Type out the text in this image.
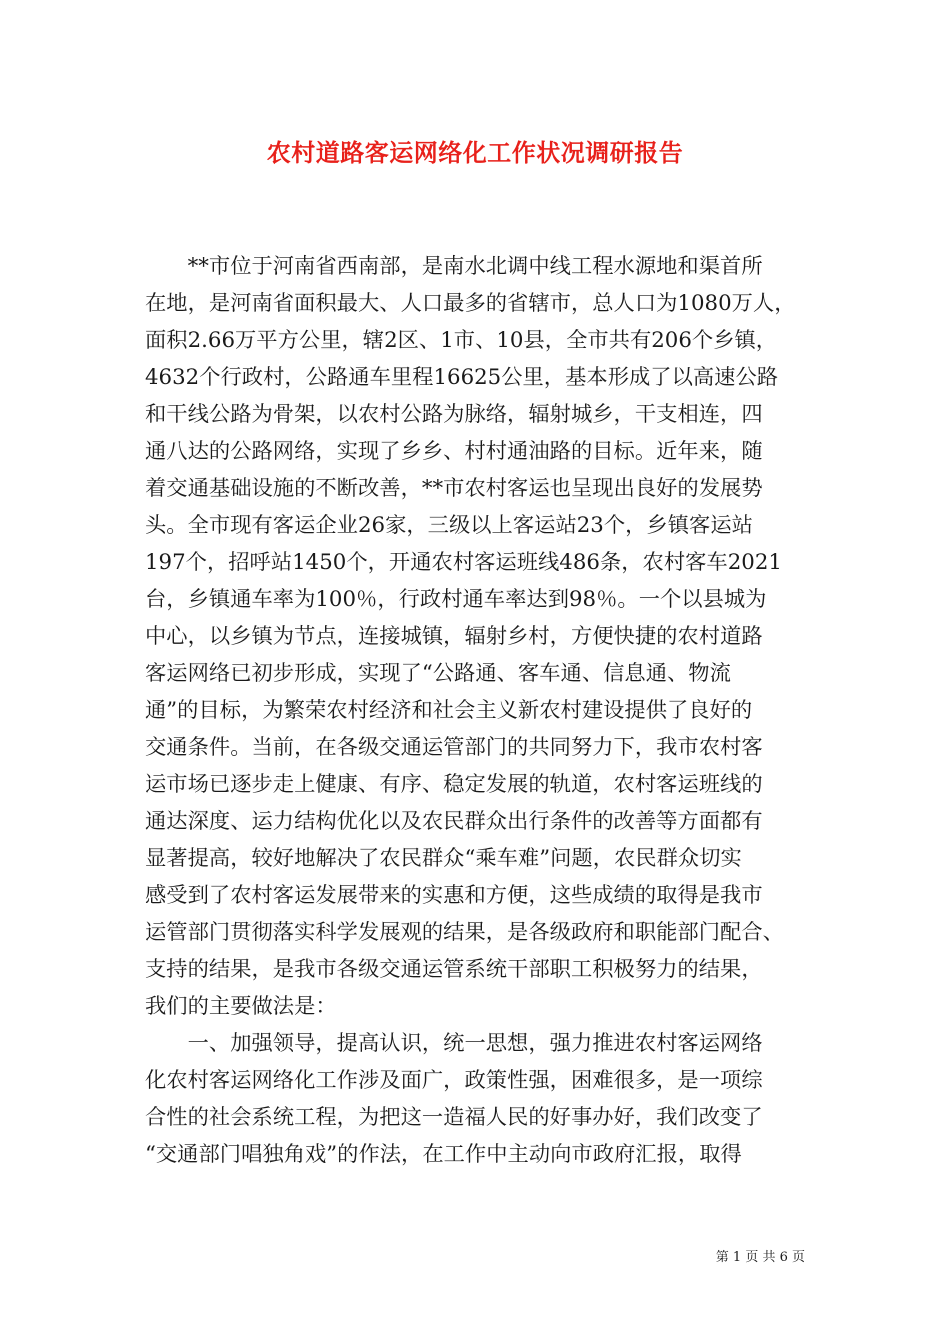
农村道路客运网络化工作状况调研报告
　　**市位于河南省西南部，是南水北调中线工程水源地和渠首所
在地，是河南省面积最大、人口最多的省辖市，总人口为1080万人，
面积2.66万平方公里，辖2区、1市、10县，全市共有206个乡镇，
4632个行政村，公路通车里程16625公里，基本形成了以高速公路
和干线公路为骨架，以农村公路为脉络，辐射城乡，干支相连，四
通八达的公路网络，实现了乡乡、村村通油路的目标。近年来，随
着交通基础设施的不断改善，**市农村客运也呈现出良好的发展势
头。全市现有客运企业26家，三级以上客运站23个，乡镇客运站
197个，招呼站1450个，开通农村客运班线486条，农村客车2021
台，乡镇通车率为100％，行政村通车率达到98％。一个以县城为
中心，以乡镇为节点，连接城镇，辐射乡村，方便快捷的农村道路
客运网络已初步形成，实现了“公路通、客车通、信息通、物流
通”的目标，为繁荣农村经济和社会主义新农村建设提供了良好的
交通条件。当前，在各级交通运管部门的共同努力下，我市农村客
运市场已逐步走上健康、有序、稳定发展的轨道，农村客运班线的
通达深度、运力结构优化以及农民群众出行条件的改善等方面都有
显著提高，较好地解决了农民群众“乘车难”问题，农民群众切实
感受到了农村客运发展带来的实惠和方便，这些成绩的取得是我市
运管部门贯彻落实科学发展观的结果，是各级政府和职能部门配合、
支持的结果，是我市各级交通运管系统干部职工积极努力的结果，
我们的主要做法是：
　　一、加强领导，提高认识，统一思想，强力推进农村客运网络
化农村客运网络化工作涉及面广，政策性强，困难很多，是一项综
合性的社会系统工程，为把这一造福人民的好事办好，我们改变了
“交通部门唱独角戏”的作法，在工作中主动向市政府汇报，取得
第 1 页 共 6 页
